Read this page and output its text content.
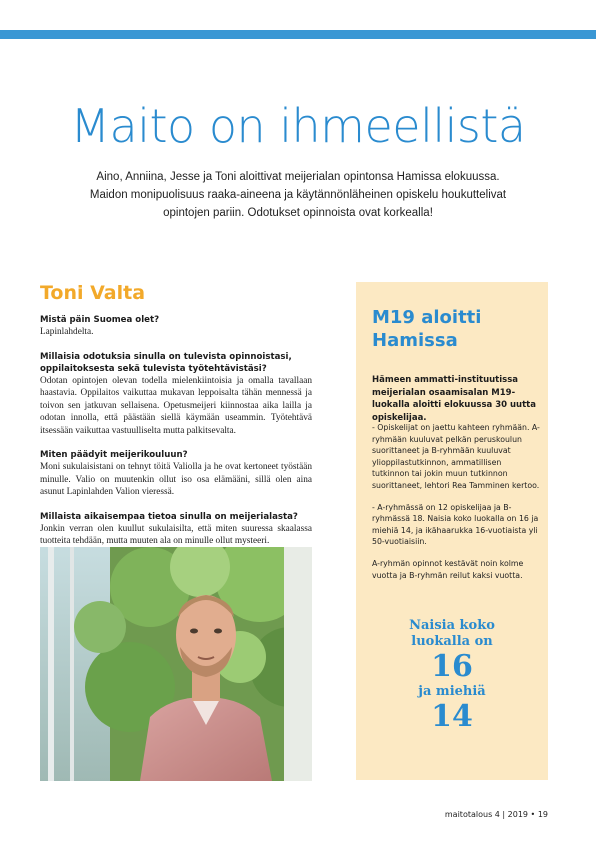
Maito on ihmeellistä
Aino, Anniina, Jesse ja Toni aloittivat meijerialan opintonsa Hamissa elokuussa. Maidon monipuolisuus raaka-aineena ja käytännönläheinen opiskelu houkuttelivat opintojen pariin. Odotukset opinnoista ovat korkealla!
Toni Valta
Mistä päin Suomea olet?
Lapinlahdelta.
Millaisia odotuksia sinulla on tulevista opinnoistasi, oppilaitoksesta sekä tulevista työtehtävistäsi?
Odotan opintojen olevan todella mielenkiintoisia ja omalla tavallaan haastavia. Oppilaitos vaikuttaa mukavan leppoisalta tähän mennessä ja toivon sen jatkuvan sellaisena. Opetusmeijeri kiinnostaa aika lailla ja odotan innolla, että päästään siellä käymään useammin. Työtehtävä itsessään vaikuttaa vastuulliselta mutta palkitsevalta.
Miten päädyit meijerikouluun?
Moni sukulaisistani on tehnyt töitä Valiolla ja he ovat kertoneet työstään minulle. Valio on muutenkin ollut iso osa elämääni, sillä olen aina asunut Lapinlahden Valion vieressä.
Millaista aikaisempaa tietoa sinulla on meijerialasta?
Jonkin verran olen kuullut sukulaisilta, että miten suuressa skaalassa tuotteita tehdään, mutta muuten ala on minulle ollut mysteeri.
M19 aloitti Hamissa
Hämeen ammatti-instituutissa meijerialan osaamisalan M19-luokalla aloitti elokuussa 30 uutta opiskelijaa.

- Opiskelijat on jaettu kahteen ryhmään. A-ryhmään kuuluvat pelkän peruskoulun suorittaneet ja B-ryhmään kuuluvat ylioppilastutkinnon, ammatillisen tutkinnon tai jokin muun tutkinnon suorittaneet, lehtori Rea Tamminen kertoo.

- A-ryhmässä on 12 opiskelijaa ja B-ryhmässä 18. Naisia koko luokalla on 16 ja miehiä 14, ja ikähaarukka 16-vuotiaista yli 50-vuotiaisiin.

A-ryhmän opinnot kestävät noin kolme vuotta ja B-ryhmän reilut kaksi vuotta.

Naisia koko
luokalla on
16
ja miehiä
14
maitotalous 4 | 2019 • 19
